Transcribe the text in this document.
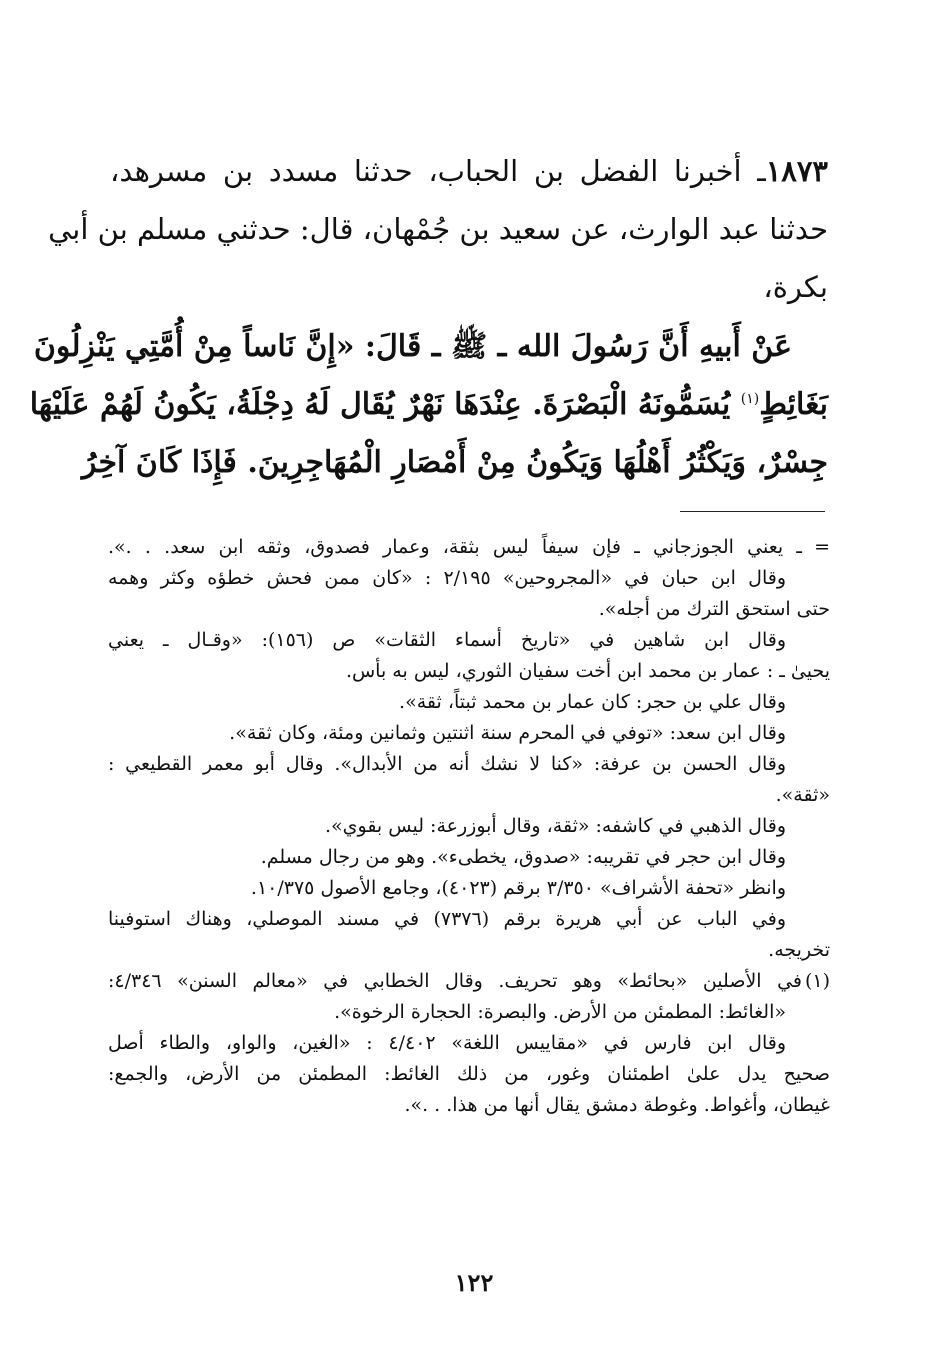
١٨٧٣ـ أخبرنا الفضل بن الحباب، حدثنا مسدد بن مسرهد،
حدثنا عبد الوارث، عن سعيد بن جُمْهان، قال: حدثني مسلم بن أبي
بكرة،
عَنْ أَبيهِ أَنَّ رَسُولَ الله ـ ﷺ ـ قَالَ: «إِنَّ نَاساً مِنْ أُمَّتِي يَنْزِلُونَ
بَغَائِطٍ$^{(١)}$ يُسَمُّونَهُ الْبَصْرَةَ. عِنْدَهَا نَهْرٌ يُقَال لَهُ دِجْلَةُ، يَكُونُ لَهُمْ عَلَيْهَا
جِسْرٌ، وَيَكْثُرُ أَهْلُهَا وَيَكُونُ مِنْ أَمْصَارِ الْمُهَاجِرِينَ. فَإِذَا كَانَ آخِرُ
=ـ يعني الجوزجاني ـ فإن سيفاً ليس بثقة، وعمار فصدوق، وثقه ابن سعد. . .».
وقال ابن حبان في «المجروحين» ٢/١٩٥ : «كان ممن فحش خطؤه وكثر وهمه
حتى استحق الترك من أجله».
وقال ابن شاهين في «تاريخ أسماء الثقات» ص (١٥٦): «وقـال ـ يعني
يحيىٰ ـ : عمار بن محمد ابن أخت سفيان الثوري، ليس به بأس.
وقال علي بن حجر: كان عمار بن محمد ثبتاً، ثقة».
وقال ابن سعد: «توفي في المحرم سنة اثنتين وثمانين ومئة، وكان ثقة».
وقال الحسن بن عرفة: «كنا لا نشك أنه من الأبدال». وقال أبو معمر القطيعي :
«ثقة».
وقال الذهبي في كاشفه: «ثقة، وقال أبوزرعة: ليس بقوي».
وقال ابن حجر في تقريبه: «صدوق، يخطىء». وهو من رجال مسلم.
وانظر «تحفة الأشراف» ٣/٣٥٠ برقم (٤٠٢٣)، وجامع الأصول ١٠/٣٧٥.
وفي الباب عن أبي هريرة برقم (٧٣٧٦) في مسند الموصلي، وهناك استوفينا
تخريجه.
(١)في الأصلين «بحائط» وهو تحريف. وقال الخطابي في «معالم السنن» ٤/٣٤٦:
«الغائط: المطمئن من الأرض. والبصرة: الحجارة الرخوة».
وقال ابن فارس في «مقاييس اللغة» ٤/٤٠٢ : «الغين، والواو، والطاء أصل
صحيح يدل علىٰ اطمئنان وغور، من ذلك الغائط: المطمئن من الأرض، والجمع:
غيطان، وأغواط. وغوطة دمشق يقال أنها من هذا. . .».
١٢٢
